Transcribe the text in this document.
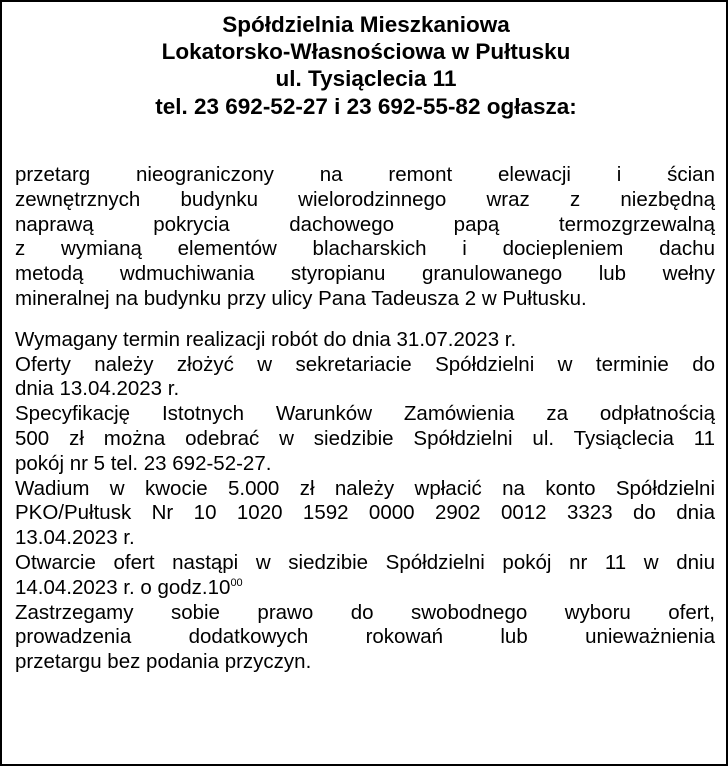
Spółdzielnia Mieszkaniowa
Lokatorsko-Własnościowa w Pułtusku
ul. Tysiąclecia 11
tel. 23 692-52-27 i 23 692-55-82 ogłasza:
przetarg nieograniczony na remont elewacji i ścian
zewnętrznych budynku wielorodzinnego wraz z niezbędną
naprawą pokrycia dachowego papą termozgrzewalną
z wymianą elementów blacharskich i dociepleniem dachu
metodą wdmuchiwania styropianu granulowanego lub wełny
mineralnej na budynku przy ulicy Pana Tadeusza 2 w Pułtusku.
Wymagany termin realizacji robót do dnia 31.07.2023 r.
Oferty należy złożyć w sekretariacie Spółdzielni w terminie do
dnia 13.04.2023 r.
Specyfikację Istotnych Warunków Zamówienia za odpłatnością
500 zł można odebrać w siedzibie Spółdzielni ul. Tysiąclecia 11
pokój nr 5 tel. 23 692-52-27.
Wadium w kwocie 5.000 zł należy wpłacić na konto Spółdzielni
PKO/Pułtusk Nr 10 1020 1592 0000 2902 0012 3323 do dnia
13.04.2023 r.
Otwarcie ofert nastąpi w siedzibie Spółdzielni pokój nr 11 w dniu
14.04.2023 r. o $godz.10^{00}$
Zastrzegamy sobie prawo do swobodnego wyboru ofert,
prowadzenia dodatkowych rokowań lub unieważnienia
przetargu bez podania przyczyn.
